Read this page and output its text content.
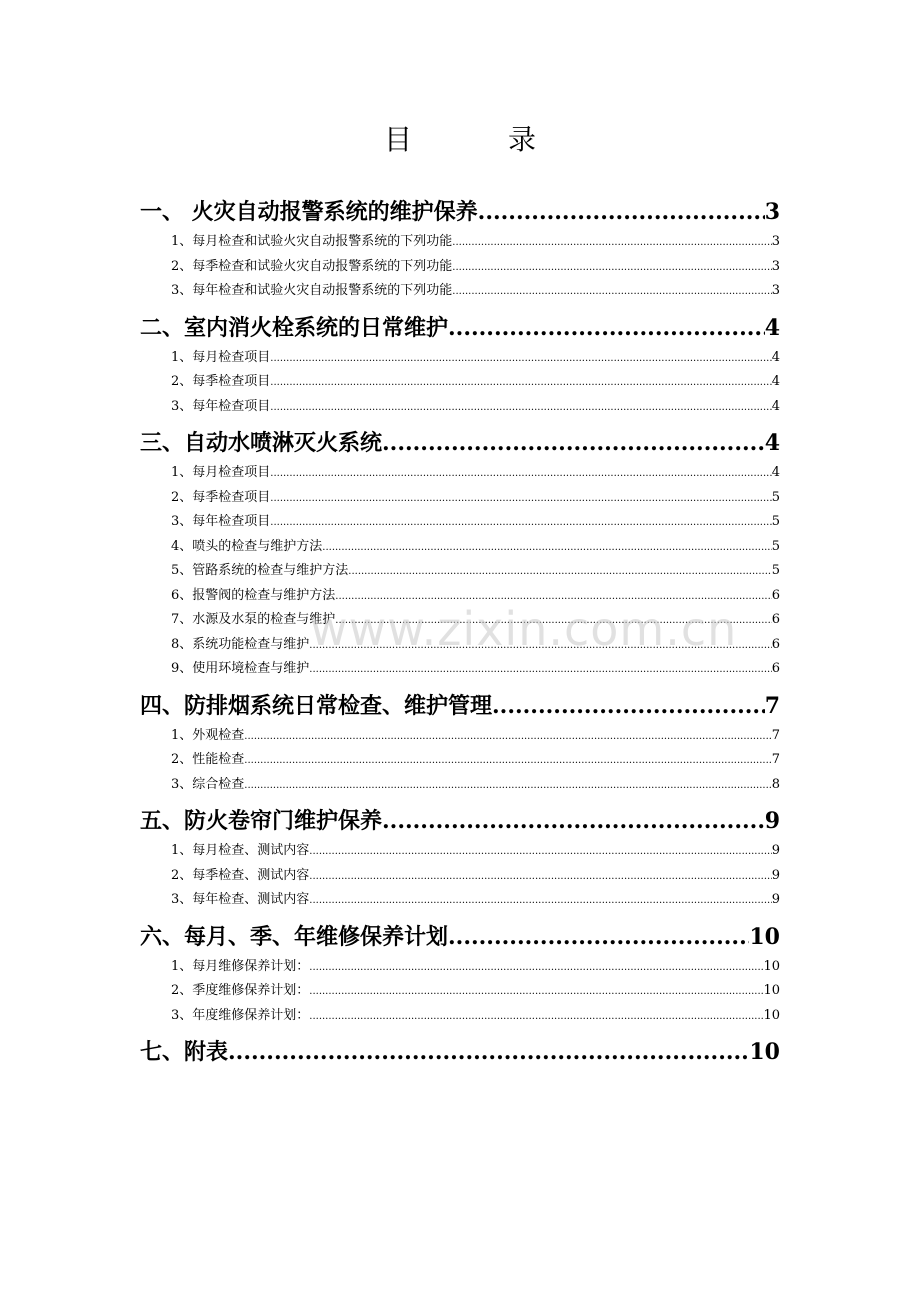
目	录
一、 火灾自动报警系统的维护保养 .....	3
1、每月检查和试验火灾自动报警系统的下列功能 .....	3
2、每季检查和试验火灾自动报警系统的下列功能 .....	3
3、每年检查和试验火灾自动报警系统的下列功能 .....	3
二、室内消火栓系统的日常维护 .....	4
1、每月检查项目 .....	4
2、每季检查项目 .....	4
3、每年检查项目 .....	4
三、自动水喷淋灭火系统 .....	4
1、每月检查项目 .....	4
2、每季检查项目 .....	5
3、每年检查项目 .....	5
4、喷头的检查与维护方法 .....	5
5、管路系统的检查与维护方法 .....	5
6、报警阀的检查与维护方法 .....	6
7、水源及水泵的检查与维护 .....	6
8、系统功能检查与维护 .....	6
9、使用环境检查与维护 .....	6
四、防排烟系统日常检查、维护管理 .....	7
1、外观检查 .....	7
2、性能检查 .....	7
3、综合检查 .....	8
五、防火卷帘门维护保养 .....	9
1、每月检查、测试内容 .....	9
2、每季检查、测试内容 .....	9
3、每年检查、测试内容 .....	9
六、每月、季、年维修保养计划 .....	10
1、每月维修保养计划： .....	10
2、季度维修保养计划： .....	10
3、年度维修保养计划： .....	10
七、附表 .....	10
www.zixin.com.cn
